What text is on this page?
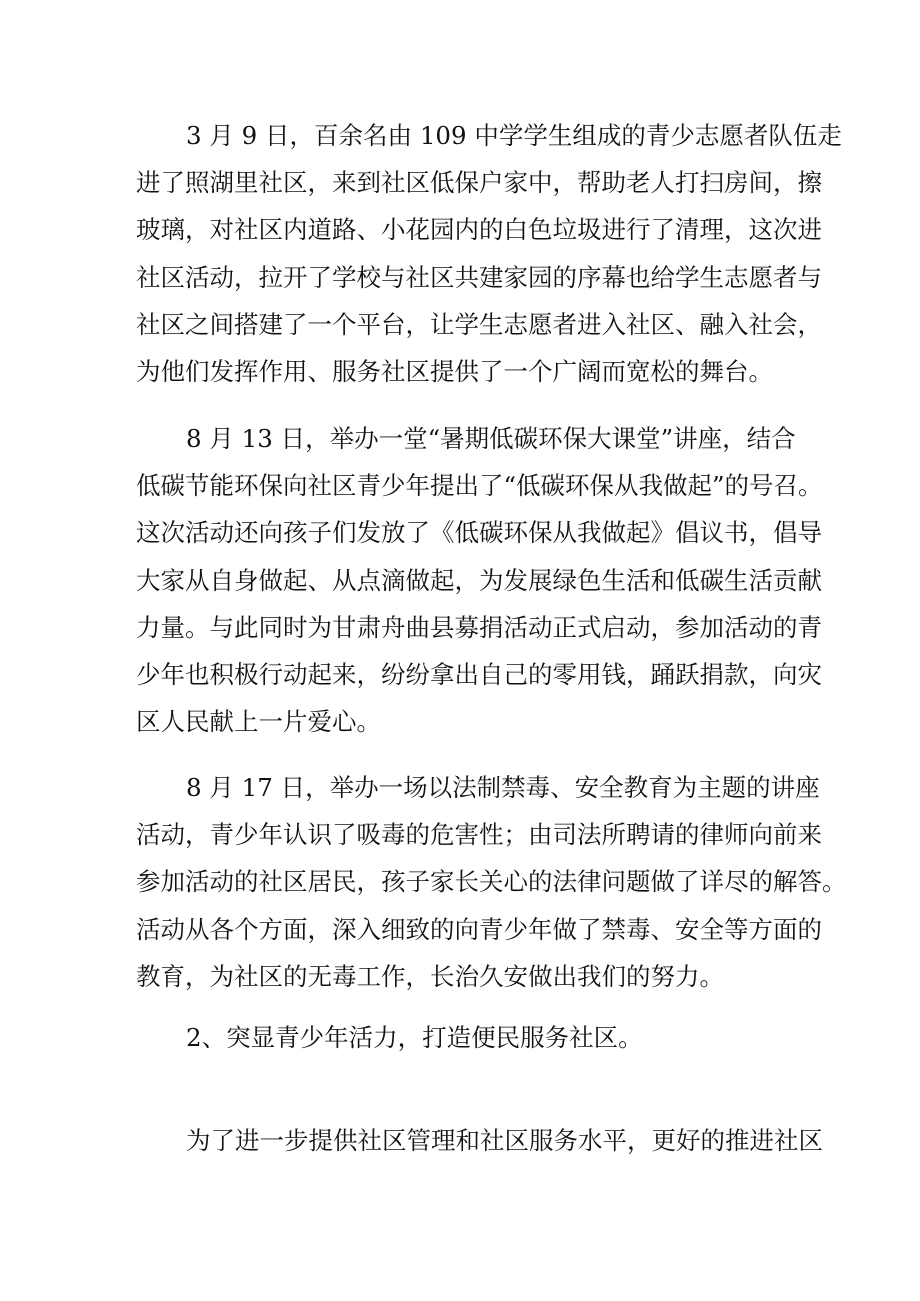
3 月 9 日，百余名由 109 中学学生组成的青少志愿者队伍走
进了照湖里社区，来到社区低保户家中，帮助老人打扫房间，擦
玻璃，对社区内道路、小花园内的白色垃圾进行了清理，这次进
社区活动，拉开了学校与社区共建家园的序幕也给学生志愿者与
社区之间搭建了一个平台，让学生志愿者进入社区、融入社会，
为他们发挥作用、服务社区提供了一个广阔而宽松的舞台。
8 月 13 日，举办一堂“暑期低碳环保大课堂”讲座，结合
低碳节能环保向社区青少年提出了“低碳环保从我做起”的号召。
这次活动还向孩子们发放了《低碳环保从我做起》倡议书，倡导
大家从自身做起、从点滴做起，为发展绿色生活和低碳生活贡献
力量。与此同时为甘肃舟曲县募捐活动正式启动，参加活动的青
少年也积极行动起来，纷纷拿出自己的零用钱，踊跃捐款，向灾
区人民献上一片爱心。
8 月 17 日，举办一场以法制禁毒、安全教育为主题的讲座
活动，青少年认识了吸毒的危害性；由司法所聘请的律师向前来
参加活动的社区居民，孩子家长关心的法律问题做了详尽的解答。
活动从各个方面，深入细致的向青少年做了禁毒、安全等方面的
教育，为社区的无毒工作，长治久安做出我们的努力。
2、突显青少年活力，打造便民服务社区。
为了进一步提供社区管理和社区服务水平，更好的推进社区
